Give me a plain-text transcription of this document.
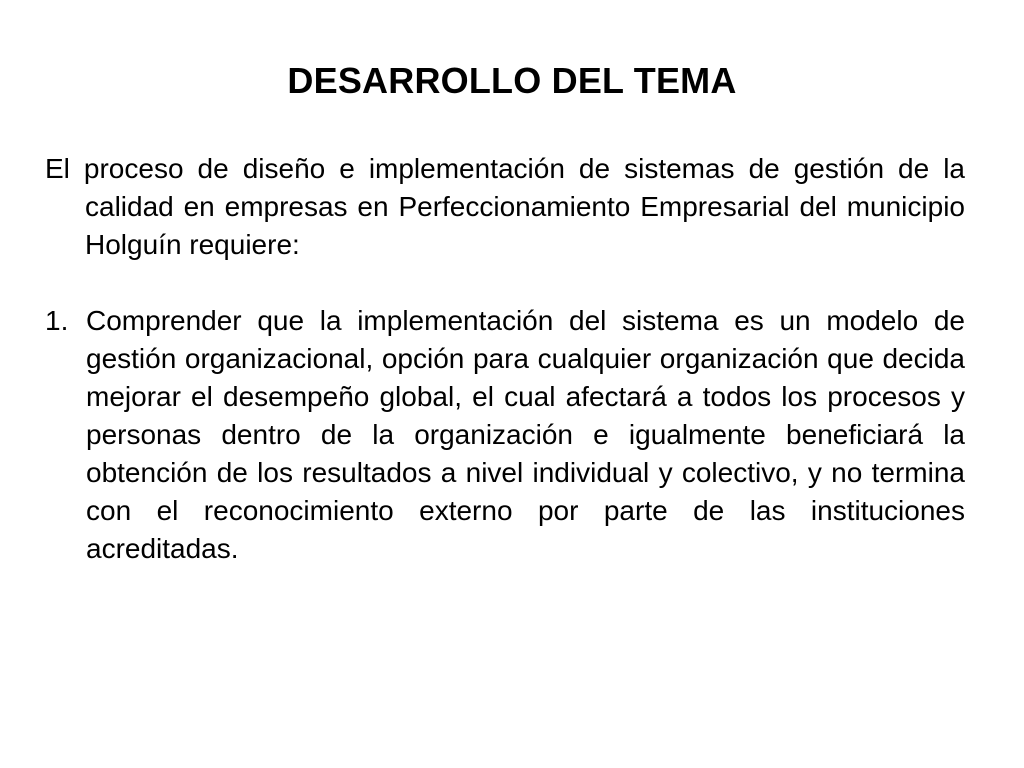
DESARROLLO DEL TEMA

El proceso de diseño e implementación de sistemas de gestión de la calidad en empresas en Perfeccionamiento Empresarial del municipio Holguín requiere:

1. Comprender que la implementación del sistema es un modelo de gestión organizacional, opción para cualquier organización que decida mejorar el desempeño global, el cual afectará a todos los procesos y personas dentro de la organización e igualmente beneficiará la obtención de los resultados a nivel individual y colectivo, y no termina con el reconocimiento externo por parte de las instituciones acreditadas.
